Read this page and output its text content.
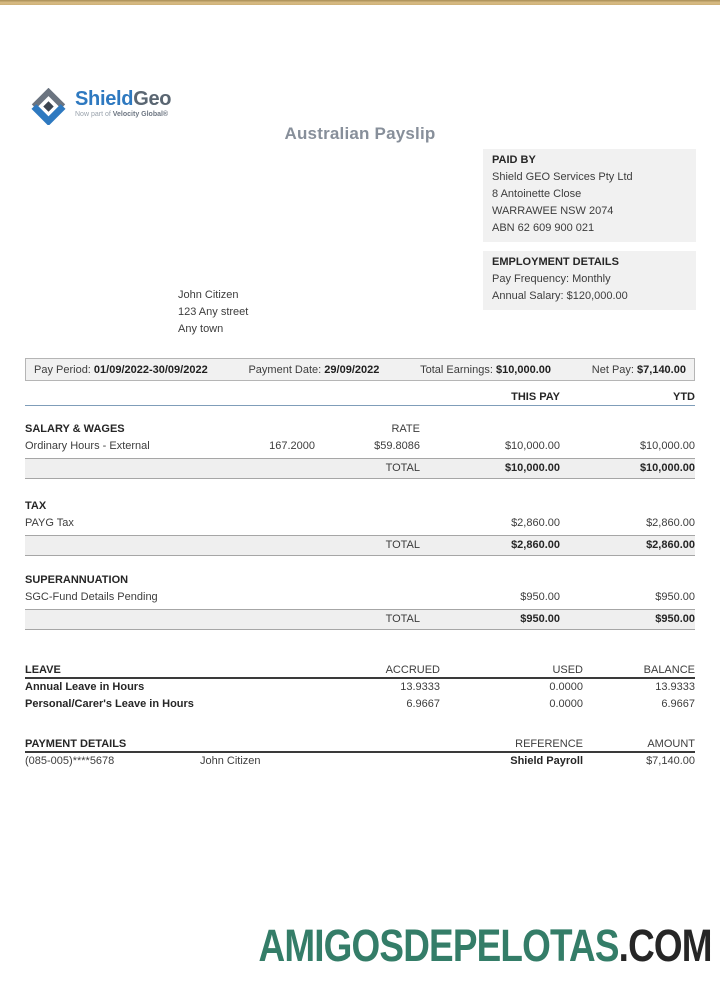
ShieldGeo
Now part of Velocity Global®
Australian Payslip
PAID BY
Shield GEO Services Pty Ltd
8 Antoinette Close
WARRAWEE NSW 2074
ABN 62 609 900 021
EMPLOYMENT DETAILS
Pay Frequency: Monthly
Annual Salary: $120,000.00
John Citizen
123 Any street
Any town
Pay Period: 01/09/2022-30/09/2022	Payment Date: 29/09/2022	Total Earnings: $10,000.00	Net Pay: $7,140.00
THIS PAY	YTD
SALARY & WAGES	RATE
Ordinary Hours - External	167.2000	$59.8086	$10,000.00	$10,000.00
TOTAL	$10,000.00	$10,000.00
TAX
PAYG Tax	$2,860.00	$2,860.00
TOTAL	$2,860.00	$2,860.00
SUPERANNUATION
SGC-Fund Details Pending	$950.00	$950.00
TOTAL	$950.00	$950.00
LEAVE	ACCRUED	USED	BALANCE
Annual Leave in Hours	13.9333	0.0000	13.9333
Personal/Carer's Leave in Hours	6.9667	0.0000	6.9667
PAYMENT DETAILS	REFERENCE	AMOUNT
(085-005)****5678	John Citizen	Shield Payroll	$7,140.00
AMIGOSDEPELOTAS.COM
